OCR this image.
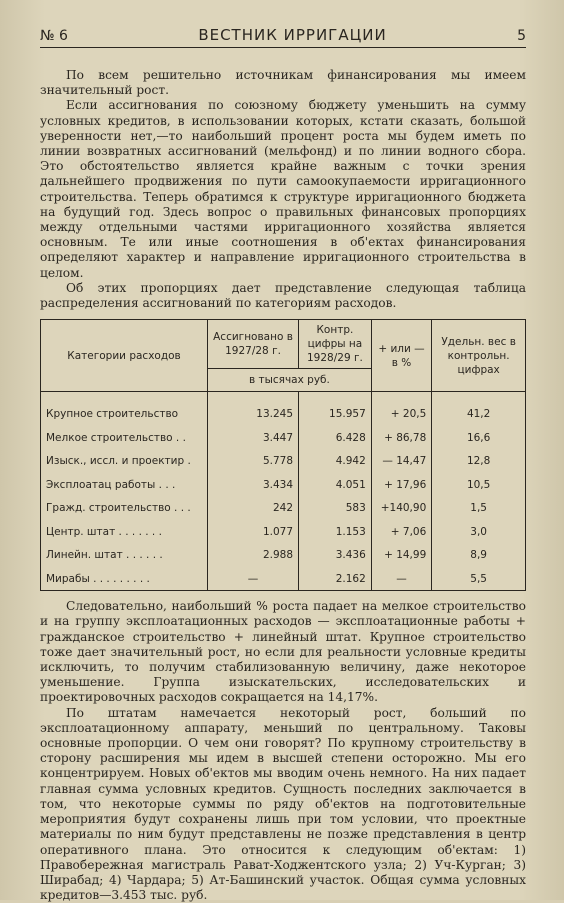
№ 6	ВЕСТНИК ИРРИГАЦИИ	5

По всем решительно источникам финансирования мы имеем значительный рост.

Если ассигнования по союзному бюджету уменьшить на сумму условных кредитов, в использовании которых, кстати сказать, большой уверенности нет,—то наибольший процент роста мы будем иметь по линии возвратных ассигнований (мельфонд) и по линии водного сбора. Это обстоятельство является крайне важным с точки зрения дальнейшего продвижения по пути самоокупаемости ирригационного строительства. Теперь обратимся к структуре ирригационного бюджета на будущий год. Здесь вопрос о правильных финансовых пропорциях между отдельными частями ирригационного хозяйства является основным. Те или иные соотношения в об'ектах финансирования определяют характер и направление ирригационного строительства в целом.

Об этих пропорциях дает представление следующая таблица распределения ассигнований по категориям расходов.

Категории расходов	Ассигновано в 1927/28 г.	Контр. цифры на 1928/29 г.	+ или — в %	Удельн. вес в контрольн. цифрах
	в тысячах руб.			
Крупное строительство	13.245	15.957	+ 20,5	41,2
Мелкое строительство . .	3.447	6.428	+ 86,78	16,6
Изыск., иссл. и проектир .	5.778	4.942	— 14,47	12,8
Эксплоатац работы . . .	3.434	4.051	+ 17,96	10,5
Гражд. строительство . . .	242	583	+140,90	1,5
Центр. штат . . . . . . .	1.077	1.153	+ 7,06	3,0
Линейн. штат . . . . . .	2.988	3.436	+ 14,99	8,9
Мирабы . . . . . . . . .	—	2.162	—	5,5

Следовательно, наибольший % роста падает на мелкое строительство и на группу эксплоатационных расходов — эксплоатационные работы + гражданское строительство + линейный штат. Крупное строительство тоже дает значительный рост, но если для реальности условные кредиты исключить, то получим стабилизованную величину, даже некоторое уменьшение. Группа изыскательских, исследовательских и проектировочных расходов сокращается на 14,17%.

По штатам намечается некоторый рост, больший по эксплоатационному аппарату, меньший по центральному. Таковы основные пропорции. О чем они говорят? По крупному строительству в сторону расширения мы идем в высшей степени осторожно. Мы его концентрируем. Новых об'ектов мы вводим очень немного. На них падает главная сумма условных кредитов. Сущность последних заключается в том, что некоторые суммы по ряду об'ектов на подготовительные мероприятия будут сохранены лишь при том условии, что проектные материалы по ним будут представлены не позже представления в центр оперативного плана. Это относится к следующим об'ектам: 1) Правобережная магистраль Рават-Ходжентского узла; 2) Уч-Курган; 3) Ширабад; 4) Чардара; 5) Ат-Башинский участок. Общая сумма условных кредитов—3.453 тыс. руб.
